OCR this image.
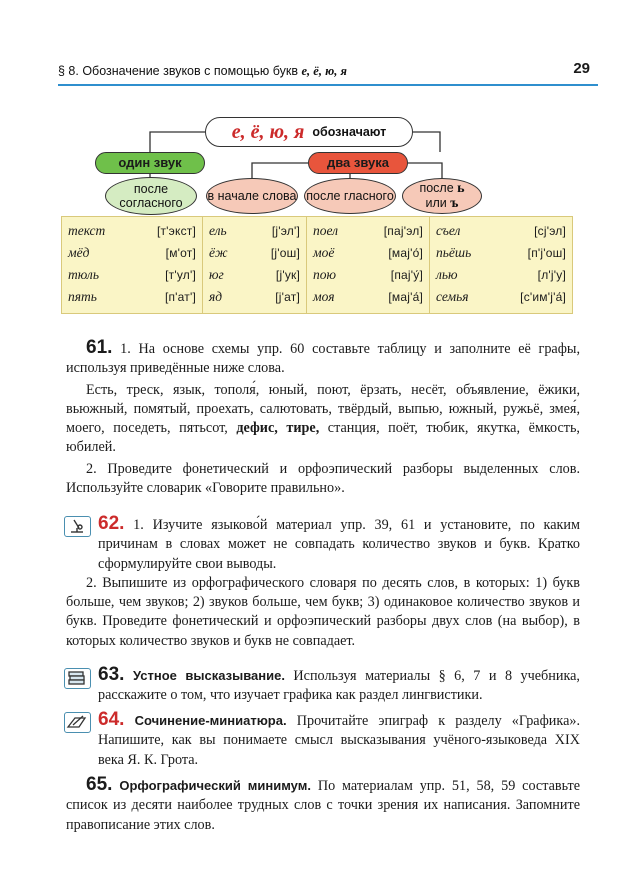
§ 8. Обозначение звуков с помощью букв е, ё, ю, я	29
е, ё, ю, я обозначают
один звук	два звука
после согласного	в начале слова после гласного
после ь
или ъ
текст	[т'экст]
мёд	[м'от]
тюль	[т'ул']
пять	[п'ат']
ель	[j'эл']
ёж	[j'ош]
юг	[j'ук]
яд	[j'ат]
поел	[паj'эл]
моё	[маj'о́]
пою	[паj'у́]
моя	[маj'а́]
съел	[сj'эл]
пьёшь	[п'j'ош]
лью	[л'j'у]
семья	[с'им'j'а́]

61. 1. На основе схемы упр. 60 составьте таблицу и заполните её графы, используя приведённые ниже слова.

Есть, треск, язык, тополя́, юный, поют, ёрзать, несёт, объявление, ёжики, вьюжный, помятый, проехать, салютовать, твёрдый, выпью, южный, ружьё, змея́, моего, поседеть, пятьсот, дефис, тире, станция, поёт, тюбик, якутка, ёмкость, юбилей.

2. Проведите фонетический и орфоэпический разборы выделенных слов. Используйте словарик «Говорите правильно».

62. 1. Изучите языково́й материал упр. 39, 61 и установите, по каким причинам в словах может не совпадать количество звуков и букв. Кратко сформулируйте свои выводы.

2. Выпишите из орфографического словаря по десять слов, в которых: 1) букв больше, чем звуков; 2) звуков больше, чем букв; 3) одинаковое количество звуков и букв. Проведите фонетический и орфоэпический разборы двух слов (на выбор), в которых количество звуков и букв не совпадает.

63. Устное высказывание. Используя материалы § 6, 7 и 8 учебника, расскажите о том, что изучает графика как раздел лингвистики.

64. Сочинение-миниатюра. Прочитайте эпиграф к разделу «Графика». Напишите, как вы понимаете смысл высказывания учёного-языковеда XIX века Я. К. Грота.

65. Орфографический минимум. По материалам упр. 51, 58, 59 составьте список из десяти наиболее трудных слов с точки зрения их написания. Запомните правописание этих слов.
